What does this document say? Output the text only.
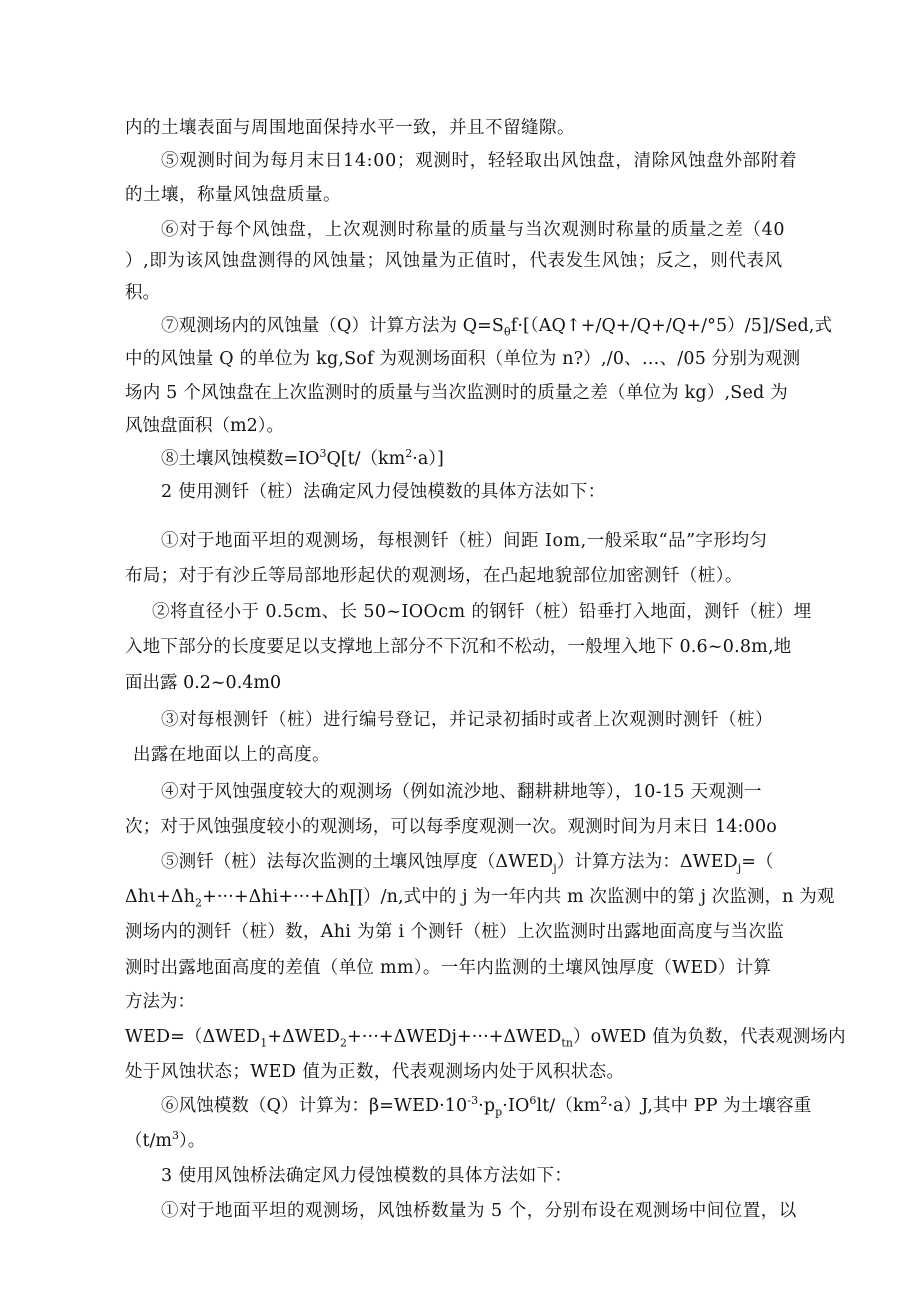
内的土壤表面与周围地面保持水平一致，并且不留缝隙。
⑤观测时间为每月末日14:00；观测时，轻轻取出风蚀盘，清除风蚀盘外部附着
的土壤，称量风蚀盘质量。
⑥对于每个风蚀盘，上次观测时称量的质量与当次观测时称量的质量之差（40
）,即为该风蚀盘测得的风蚀量；风蚀量为正值时，代表发生风蚀；反之，则代表风
积。
⑦观测场内的风蚀量（Q）计算方法为 $Q=S_\theta f\cdot[(AQ↑+/Q+/Q+/Q+/^\circ 5)/5]∕Sed$,式
中的风蚀量 Q 的单位为 kg,Sof 为观测场面积（单位为 n?）,/0、…、/05 分别为观测
场内 5 个风蚀盘在上次监测时的质量与当次监测时的质量之差（单位为 kg）,Sed 为
风蚀盘面积（m2）。
⑧土壤风蚀模数$=IO^3Q[t∕(km^2\cdot a)]$
2 使用测钎（桩）法确定风力侵蚀模数的具体方法如下：
①对于地面平坦的观测场，每根测钎（桩）间距 Iom,一般采取“品”字形均匀
布局；对于有沙丘等局部地形起伏的观测场，在凸起地貌部位加密测钎（桩）。
②将直径小于 0.5cm、长 50~IOOcm 的钢钎（桩）铅垂打入地面，测钎（桩）埋
入地下部分的长度要足以支撑地上部分不下沉和不松动，一般埋入地下 0.6~0.8m,地
面出露 0.2~0.4m0
③对每根测钎（桩）进行编号登记，并记录初插时或者上次观测时测钎（桩）
出露在地面以上的高度。
④对于风蚀强度较大的观测场（例如流沙地、翻耕耕地等），10-15 天观测一
次；对于风蚀强度较小的观测场，可以每季度观测一次。观测时间为月末日 14:00o
⑤测钎（桩）法每次监测的土壤风蚀厚度$(\Delta WED_j)$计算方法为：$\Delta WED_j=$（
$\Delta h\iota+\Delta h_2+\cdot\cdot\cdot+\Delta hi+\cdot\cdot\cdot+\Delta h\prod)/n$,式中的 j 为一年内共 m 次监测中的第 j 次监测，n 为观
测场内的测钎（桩）数，Ahi 为第 i 个测钎（桩）上次监测时出露地面高度与当次监
测时出露地面高度的差值（单位 mm）。一年内监测的土壤风蚀厚度（WED）计算
方法为：
$WED=(\Delta WED_1+\Delta WED_2+\cdot\cdot\cdot+\Delta WEDj+\cdot\cdot\cdot+\Delta WED_{tn})oWED$ 值为负数，代表观测场内
处于风蚀状态；WED 值为正数，代表观测场内处于风积状态。
⑥风蚀模数（Q）计算为：$\beta=WED\cdot 10^{-3}\cdot p_p\cdot IO^6lt∕(km^2\cdot a)J$,其中 PP 为土壤容重
$(t∕m^3)$。
3 使用风蚀桥法确定风力侵蚀模数的具体方法如下：
①对于地面平坦的观测场，风蚀桥数量为 5 个，分别布设在观测场中间位置，以
